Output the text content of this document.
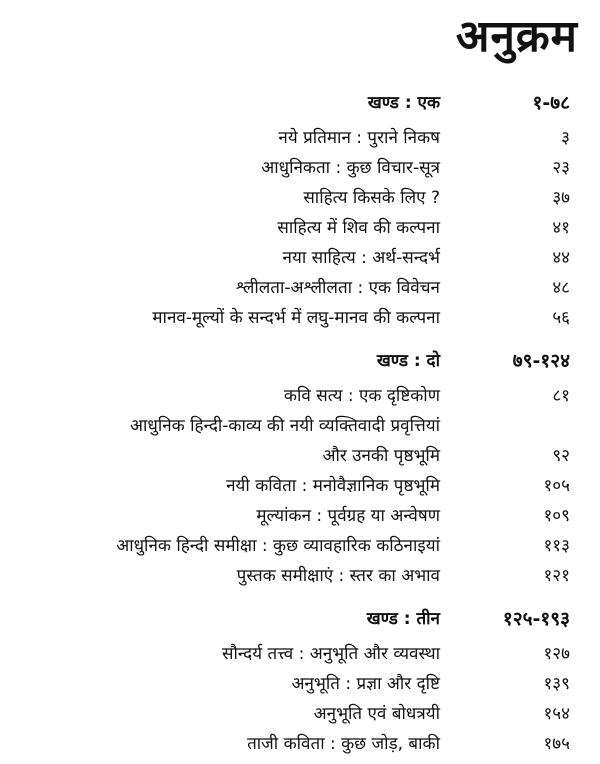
अनुक्रम
खण्ड : एक	१-७८
नये प्रतिमान : पुराने निकष	३
आधुनिकता : कुछ विचार-सूत्र	२३
साहित्य किसके लिए ?	३७
साहित्य में शिव की कल्पना	४१
नया साहित्य : अर्थ-सन्दर्भ	४४
श्लीलता-अश्लीलता : एक विवेचन	४८
मानव-मूल्यों के सन्दर्भ में लघु-मानव की कल्पना	५६
खण्ड : दो	७९-१२४
कवि सत्य : एक दृष्टिकोण	८१
आधुनिक हिन्दी-काव्य की नयी व्यक्तिवादी प्रवृत्तियां
और उनकी पृष्ठभूमि	९२
नयी कविता : मनोवैज्ञानिक पृष्ठभूमि	१०५
मूल्यांकन : पूर्वग्रह या अन्वेषण	१०९
आधुनिक हिन्दी समीक्षा : कुछ व्यावहारिक कठिनाइयां	११३
पुस्तक समीक्षाएं : स्तर का अभाव	१२१
खण्ड : तीन	१२५-१९३
सौन्दर्य तत्त्व : अनुभूति और व्यवस्था	१२७
अनुभूति : प्रज्ञा और दृष्टि	१३९
अनुभूति एवं बोधत्रयी	१५४
ताजी कविता : कुछ जोड़, बाकी	१७५
